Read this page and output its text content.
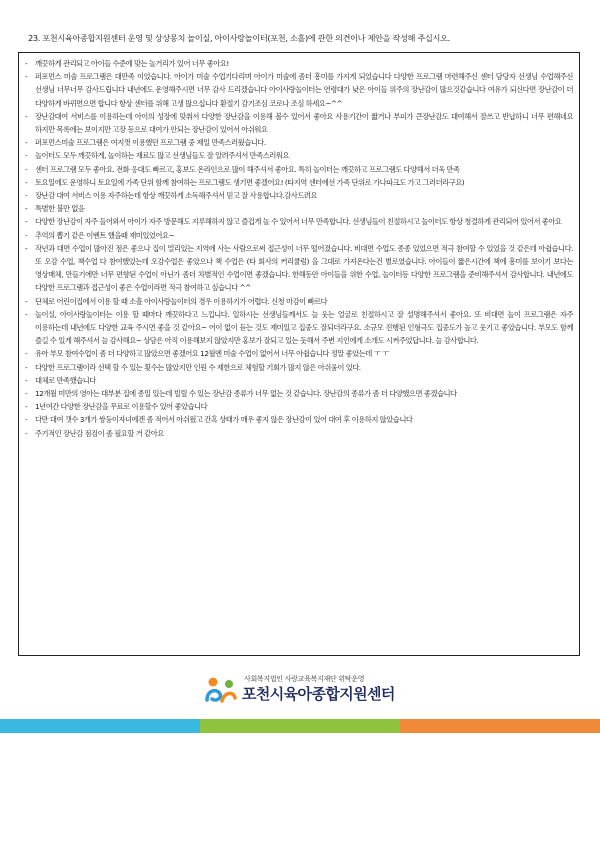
23. 포천시육아종합지원센터 운영 및 상상몽치 놀이실, 아이사랑놀이터(포천, 소흘)에 관한 의견이나 제안을 작성해 주십시오.
- 깨끗하게 관리되고 아이들 수준에 맞는 놀거리가 있어 너무 좋아요!
- 퍼포먼스 미술 프로그램은 대만족 이었습니다. 아이가 미술 수업기다리며 아이가 미술에 좀더 흥미를 가지게 되었습니다 다양한 프로그램 마련해주신 센터 담당자 선생님 수업해주신 선생님 너무너무 감사드립니다 내년에도 운영해주시면 너무 감사 드리겠습니다 아이사랑놀이터는 연령대가 낮은 아이들 위주의 장난감이 많으것같습니다 여유가 되신다면 장난감이 더 다양하게 바뀌면으면 합니다 항상 센터를 위해 고생 많으십니다 환절기 감기조심 코로나 조심 하세요~^^
- 장난감대여 서비스를 이용하는데 아이의 성장에 맞춰서 다양한 장난감을 이용해 볼수 있어서 좋아요 사용기간이 짧거나 부피가 큰장난감도 대여해서 잘쓰고 반납하니 너무 편해네요 하지만 목록에는 보이지만 고장 등으로 대여가 안되는 장난감이 있어서 아쉬워요
- 퍼포먼스미술 프로그램은 여지껏 이용했던 프로그램 중 제일 만족스러웠습니다.
- 놀이터도 모두 깨끗하게, 놀이하는 재료도 많고 선생님들도 잘 알려주셔서 만족스러워요
- 센터 프로그램 모두 좋아요. 전화 응대도 빠르고, 홍보도 온라인으로 많이 해주셔서 좋아요. 특히 놀이터는 깨끗하고 프로그램도 다양해서 더욱 만족
- 토요일에도 운영하니 토요일에 가족 단위 함께 참여하는 프로그램도 생기면 좋겠어요! (타지역 센터에선 가족 단위로 가나파크도 가고 그러더라구요)
- 장난감 대여 서비스 이용 자주하는데 항상 깨끗하게 소독해주셔서 믿고 잘 사용합니다.감사드려요
- 특별한 불만 없음
- 다양한 장난감이 자주 들어와서 아이가 자주 방문해도 지루해하지 않고 즐겁게 놀 수 있어서 너무 만족합니다. 선생님들이 친절하시고 놀이터도 항상 청결하게 관리되어 있어서 좋아요
- 추억의 뽑기 같은 이벤트 했을때 재미있었어요~
- 작년과 대면 수업이 많아진 점은 좋으나 집이 멀리있는 지역에 사는 사람으로써 접근성이 너무 떨어졌습니다. 비대면 수업도 종종 있었으면 적극 참여할 수 있었을 것 같은데 아쉽습니다. 또 오감 수업, 책수업 다 참여했었는데 오감수업은 좋았으나 책 수업은 (타 회사의 커리큘럼) 을 그대로 가져온다는건 별로였습니다. 아이들이 짧은시간에 책에 흥미를 보이기 보다는 영상매체, 만들기에만 너무 편향된 수업이 아닌가 좀더 차별적인 수업이면 좋겠습니다. 한해동안 아이들을 위한 수업, 놀이터등 다양한 프로그램을 준비해주셔서 감사합니다. 내년에도 다양한 프로그램과 접근성이 좋은 수업이라면 적극 참여하고 싶습니다 ^^
- 단체로 어린이집에서 이용 할 때 소흘 아이사랑놀이터의 경우 이용하기가 어렵다. 신청 마감이 빠르다
- 놀이실, 아이사랑놀이터는 이용 할 때마다 깨끗하다고 느낍니다. 일하시는 선생님들께서도 늘 웃는 얼굴로 친절하시고 잘 설명해주셔서 좋아요. 또 비대면 놀이 프로그램은 자주 이용하는데 내년에도 다양한 교육 주시면 좋을 것 같아요~ 어이 없이 듣는 것도 재미있고 집중도 잘되더라구요. 소규모 진행된 인형극도 집중도가 높고 웃기고 좋았습니다. 부모도 함께 즐길 수 있게 해주셔서 늘 감사해요~ 상담은 아직 이용해보지 않았지만 홍보가 잘되고 있는 듯해서 주변 지인에게 소개도 시켜주었답니다. 늘 감사합니다.
- 유아 부모 참여수업이 좀 더 다양하고 많았으면 좋겠어요 12월엔 미술 수업이 없어서 너무 아쉽습니다 정말 좋았는데 ㅜ ㅜ
- 다양한 프로그램이라 선택 할 수 있는 횟수는 많았지만 인원 수 제한으로 체험할 기회가 많지 않은 아쉬움이 있다.
- 대체로 만족했습니다
- 12개월 미만의 영아는 대부분 집에 종일 있는데 빌릴 수 있는 장난감 종류가 너무 없는 것 같습니다. 장난감의 종류가 좀 더 다양했으면 좋겠습니다
- 1년여간 다양한 장난감을 무료로 이용할수 있어 좋았습니다
- 다만 대여 갯수 3개가 쌍둥이자녀에겐 좀 적어서 아쉬웠고 간혹 상태가 매우 좋지 않은 장난감이 있어 대여 후 이용하지 않았습니다
- 주기적인 장난감 점검이 좀 필요할 거 같아요
사회복지법인 사랑교육복지재단 위탁운영
포천시육아종합지원센터
